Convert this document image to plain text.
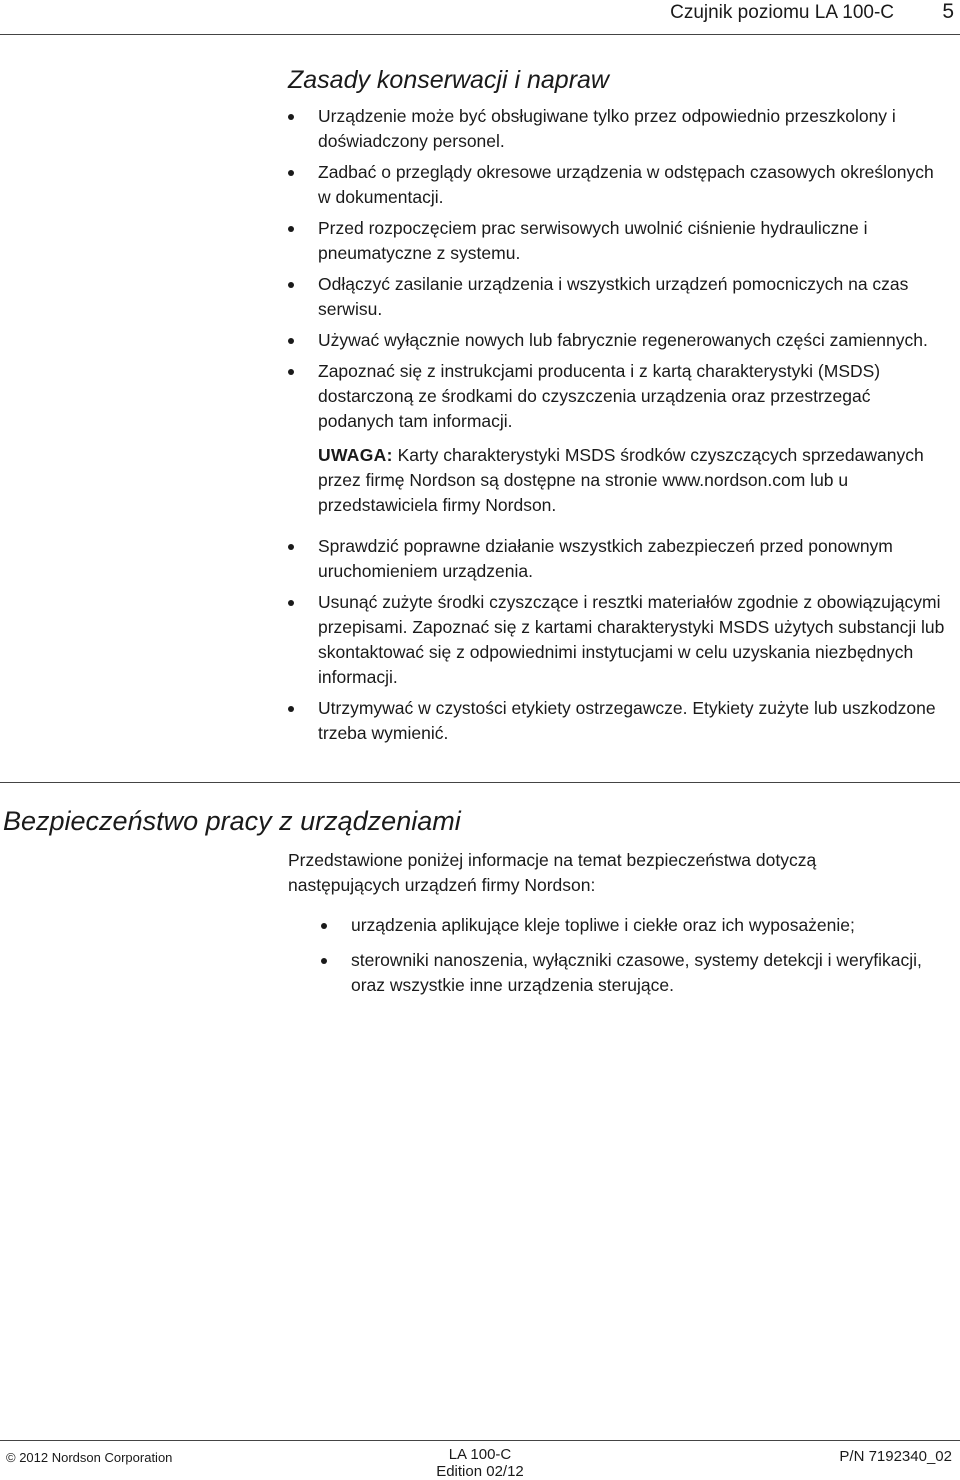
Czujnik poziomu LA 100-C 5
Zasady konserwacji i napraw
Urządzenie może być obsługiwane tylko przez odpowiednio przeszkolony i doświadczony personel.
Zadbać o przeglądy okresowe urządzenia w odstępach czasowych określonych w dokumentacji.
Przed rozpoczęciem prac serwisowych uwolnić ciśnienie hydrauliczne i pneumatyczne z systemu.
Odłączyć zasilanie urządzenia i wszystkich urządzeń pomocniczych na czas serwisu.
Używać wyłącznie nowych lub fabrycznie regenerowanych części zamiennych.
Zapoznać się z instrukcjami producenta i z kartą charakterystyki (MSDS) dostarczoną ze środkami do czyszczenia urządzenia oraz przestrzegać podanych tam informacji.
UWAGA: Karty charakterystyki MSDS środków czyszczących sprzedawanych przez firmę Nordson są dostępne na stronie www.nordson.com lub u przedstawiciela firmy Nordson.
Sprawdzić poprawne działanie wszystkich zabezpieczeń przed ponownym uruchomieniem urządzenia.
Usunąć zużyte środki czyszczące i resztki materiałów zgodnie z obowiązującymi przepisami. Zapoznać się z kartami charakterystyki MSDS użytych substancji lub skontaktować się z odpowiednimi instytucjami w celu uzyskania niezbędnych informacji.
Utrzymywać w czystości etykiety ostrzegawcze. Etykiety zużyte lub uszkodzone trzeba wymienić.
Bezpieczeństwo pracy z urządzeniami

Przedstawione poniżej informacje na temat bezpieczeństwa dotyczą następujących urządzeń firmy Nordson:

urządzenia aplikujące kleje topliwe i ciekłe oraz ich wyposażenie;
sterowniki nanoszenia, wyłączniki czasowe, systemy detekcji i weryfikacji, oraz wszystkie inne urządzenia sterujące.
© 2012 Nordson Corporation	LA 100-C
Edition 02/12
P/N 7192340_02
